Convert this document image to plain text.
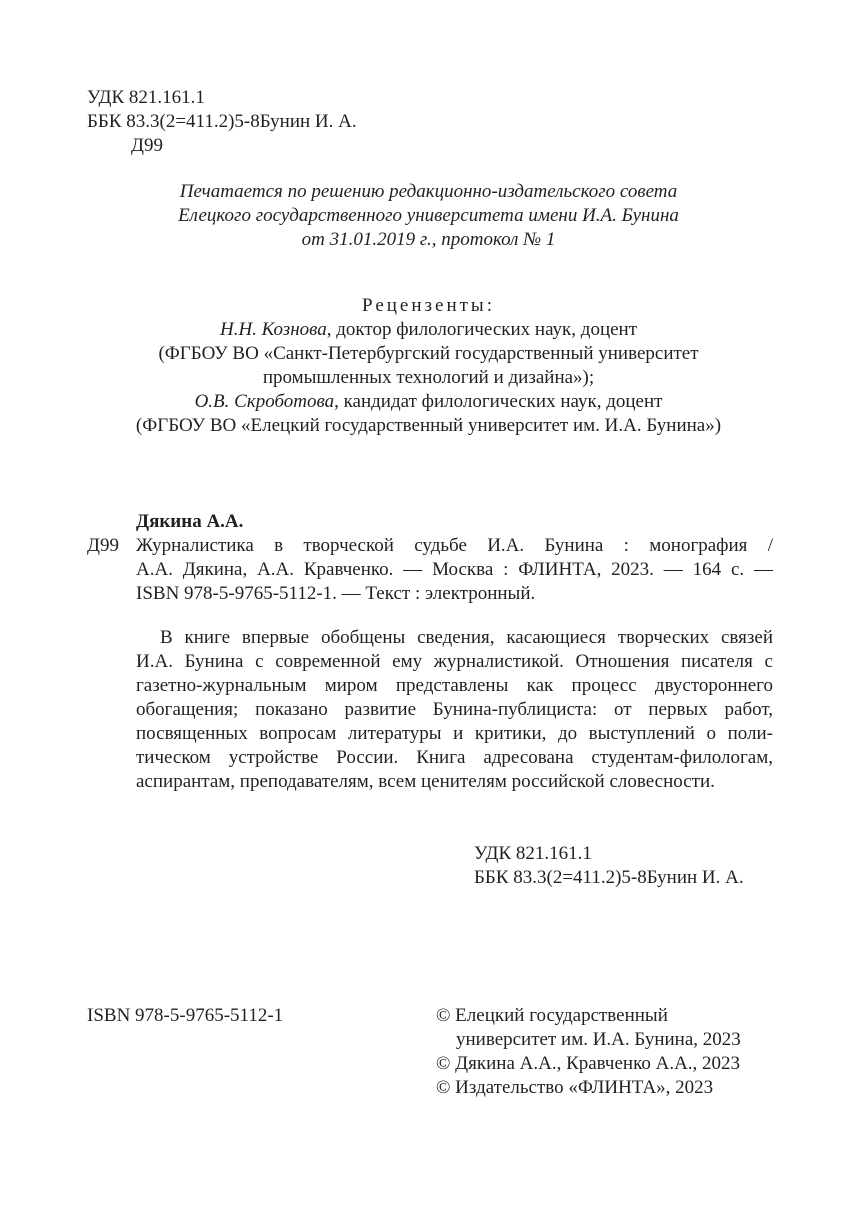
УДК 821.161.1
ББК 83.3(2=411.2)5-8Бунин И. А.
Д99
Печатается по решению редакционно-издательского совета
Елецкого государственного университета имени И.А. Бунина
от 31.01.2019 г., протокол № 1
Рецензенты:
Н.Н. Кознова, доктор филологических наук, доцент
(ФГБОУ ВО «Санкт-Петербургский государственный университет
промышленных технологий и дизайна»);
О.В. Скроботова, кандидат филологических наук, доцент
(ФГБОУ ВО «Елецкий государственный университет им. И.А. Бунина»)
Дякина А.А.
Д99 Журналистика в творческой судьбе И.А. Бунина : монография /
А.А. Дякина, А.А. Кравченко. — Москва : ФЛИНТА, 2023. — 164 с. —
ISBN 978-5-9765-5112-1. — Текст : электронный.
В книге впервые обобщены сведения, касающиеся творческих связей
И.А. Бунина с современной ему журналистикой. Отношения писателя с
газетно-журнальным миром представлены как процесс двустороннего
обогащения; показано развитие Бунина-публициста: от первых работ,
посвященных вопросам литературы и критики, до выступлений о поли-
тическом устройстве России. Книга адресована студентам-филологам,
аспирантам, преподавателям, всем ценителям российской словесности.
УДК 821.161.1
ББК 83.3(2=411.2)5-8Бунин И. А.
ISBN 978-5-9765-5112-1	© Елецкий государственный
университет им. И.А. Бунина, 2023
© Дякина А.А., Кравченко А.А., 2023
© Издательство «ФЛИНТА», 2023
